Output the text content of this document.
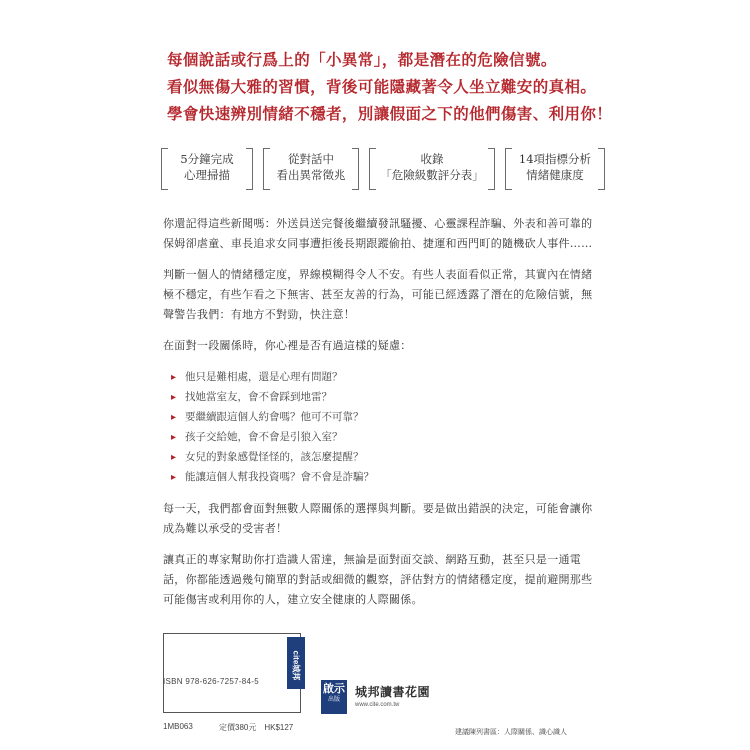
每個說話或行爲上的「小異常」，都是潛在的危險信號。

看似無傷大雅的習慣，背後可能隱藏著令人坐立難安的真相。

學會快速辨別情緒不穩者，別讓假面之下的他們傷害、利用你！

5分鐘完成
心理掃描
從對話中
看出異常徵兆
收錄
「危險級數評分表」
14項指標分析
情緒健康度

你還記得這些新聞嗎：外送員送完餐後繼續發訊騷擾、心靈課程詐騙、外表和善可靠的保姆卻虐童、車長追求女同事遭拒後長期跟蹤偷拍、捷運和西門町的隨機砍人事件……

判斷一個人的情緒穩定度，界線模糊得令人不安。有些人表面看似正常，其實內在情緒極不穩定，有些乍看之下無害、甚至友善的行為，可能已經透露了潛在的危險信號，無聲警告我們：有地方不對勁，快注意！

在面對一段關係時，你心裡是否有過這樣的疑慮：

▸ 他只是難相處，還是心理有問題？
▸ 找她當室友，會不會踩到地雷？
▸ 要繼續跟這個人約會嗎？他可不可靠？
▸ 孩子交給她，會不會是引狼入室？
▸ 女兒的對象感覺怪怪的，該怎麼提醒？
▸ 能讓這個人幫我投資嗎？會不會是詐騙？

每一天，我們都會面對無數人際關係的選擇與判斷。要是做出錯誤的決定，可能會讓你成為難以承受的受害者！

讓真正的專家幫助你打造識人雷達，無論是面對面交談、網路互動，甚至只是一通電話，你都能透過幾句簡單的對話或細微的觀察，評估對方的情緒穩定度，提前避開那些可能傷害或利用你的人，建立安全健康的人際關係。

ISBN 978-626-7257-84-5
cite城邦
1MB063	定價380元　HK$127
啟示
出版
城邦讀書花園
www.cite.com.tw
建議陳列書區：人際關係、識心識人
